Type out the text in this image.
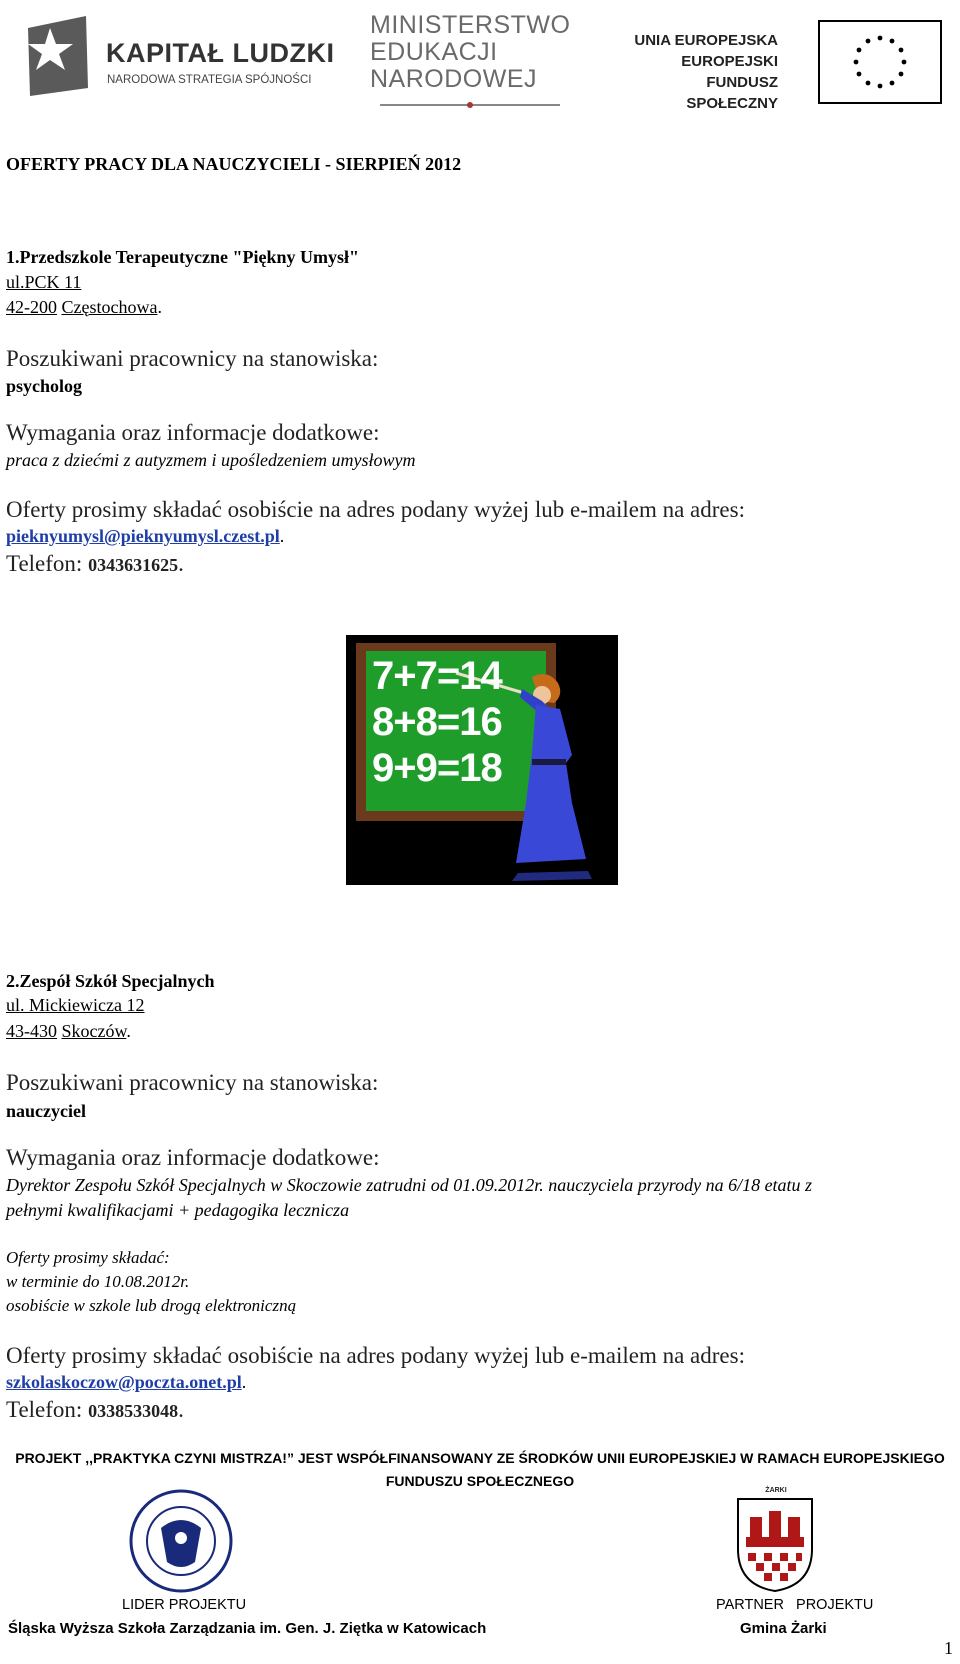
KAPITAŁ LUDZKI
NARODOWA STRATEGIA SPÓJNOŚCI
MINISTERSTWO
EDUKACJI
NARODOWEJ
UNIA EUROPEJSKA
EUROPEJSKI
FUNDUSZ SPOŁECZNY
OFERTY PRACY DLA NAUCZYCIELI - SIERPIEŃ 2012
1.Przedszkole Terapeutyczne "Piękny Umysł"
ul.PCK 11
42-200 Częstochowa.
Poszukiwani pracownicy na stanowiska:
psycholog
Wymagania oraz informacje dodatkowe:
praca z dziećmi z autyzmem i upośledzeniem umysłowym
Oferty prosimy składać osobiście na adres podany wyżej lub e-mailem na adres:
pieknyumysl@pieknyumysl.czest.pl.
Telefon: 0343631625.
7+7=14
8+8=16
9+9=18
2.Zespół Szkół Specjalnych
ul. Mickiewicza 12
43-430 Skoczów.
Poszukiwani pracownicy na stanowiska:
nauczyciel
Wymagania oraz informacje dodatkowe:
Dyrektor Zespołu Szkół Specjalnych w Skoczowie zatrudni od 01.09.2012r. nauczyciela przyrody na 6/18 etatu z
pełnymi kwalifikacjami + pedagogika lecznicza
Oferty prosimy składać:
w terminie do 10.08.2012r.
osobiście w szkole lub drogą elektroniczną
Oferty prosimy składać osobiście na adres podany wyżej lub e-mailem na adres:
szkolaskoczow@poczta.onet.pl.
Telefon: 0338533048.
PROJEKT ,,PRAKTYKA CZYNI MISTRZA!” JEST WSPÓŁFINANSOWANY ZE ŚRODKÓW UNII EUROPEJSKIEJ W RAMACH EUROPEJSKIEGO
FUNDUSZU SPOŁECZNEGO
ŻARKI
LIDER PROJEKTU
Śląska Wyższa Szkoła Zarządzania im. Gen. J. Ziętka w Katowicach
PARTNER   PROJEKTU
Gmina Żarki
1
